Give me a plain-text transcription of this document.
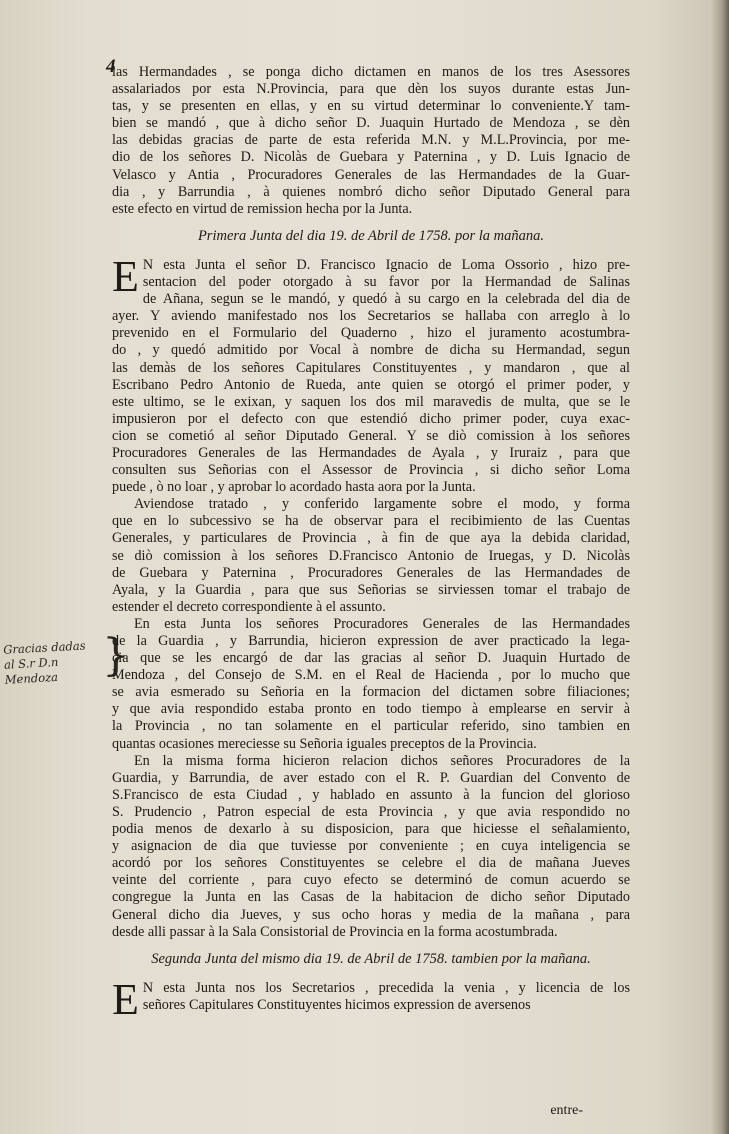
4
Gracias dadas
al S.r D.n Mendoza }
las Hermandades , se ponga dicho dictamen en manos de los tres Asessores
assalariados por esta N.Provincia, para que dèn los suyos durante estas Jun-
tas, y se presenten en ellas, y en su virtud determinar lo conveniente.Y tam-
bien se mandó , que à dicho señor D. Juaquin Hurtado de Mendoza , se dèn
las debidas gracias de parte de esta referida M.N. y M.L.Provincia, por me-
dio de los señores D. Nicolàs de Guebara y Paternina , y D. Luis Ignacio de
Velasco y Antia , Procuradores Generales de las Hermandades de la Guar-
dia , y Barrundia , à quienes nombró dicho señor Diputado General para
este efecto en virtud de remission hecha por la Junta.
Primera Junta del dia 19. de Abril de 1758. por la mañana.
E N esta Junta el señor D. Francisco Ignacio de Loma Ossorio , hizo pre-
sentacion del poder otorgado à su favor por la Hermandad de Salinas
de Añana, segun se le mandó, y quedó à su cargo en la celebrada del dia de
ayer. Y aviendo manifestado nos los Secretarios se hallaba con arreglo à lo
prevenido en el Formulario del Quaderno , hizo el juramento acostumbra-
do , y quedó admitido por Vocal à nombre de dicha su Hermandad, segun
las demàs de los señores Capitulares Constituyentes , y mandaron , que al
Escribano Pedro Antonio de Rueda, ante quien se otorgó el primer poder, y
este ultimo, se le exixan, y saquen los dos mil maravedis de multa, que se le
impusieron por el defecto con que estendió dicho primer poder, cuya exac-
cion se cometió al señor Diputado General. Y se diò comission à los señores
Procuradores Generales de las Hermandades de Ayala , y Iruraiz , para que
consulten sus Señorias con el Assessor de Provincia , si dicho señor Loma
puede , ò no loar , y aprobar lo acordado hasta aora por la Junta.
Aviendose tratado , y conferido largamente sobre el modo, y forma
que en lo subcessivo se ha de observar para el recibimiento de las Cuentas
Generales, y particulares de Provincia , à fin de que aya la debida claridad,
se diò comission à los señores D.Francisco Antonio de Iruegas, y D. Nicolàs
de Guebara y Paternina , Procuradores Generales de las Hermandades de
Ayala, y la Guardia , para que sus Señorias se sirviessen tomar el trabajo de
estender el decreto correspondiente à el assunto.
En esta Junta los señores Procuradores Generales de las Hermandades
de la Guardia , y Barrundia, hicieron expression de aver practicado la lega-
cia que se les encargó de dar las gracias al señor D. Juaquin Hurtado de
Mendoza , del Consejo de S.M. en el Real de Hacienda , por lo mucho que
se avia esmerado su Señoria en la formacion del dictamen sobre filiaciones;
y que avia respondido estaba pronto en todo tiempo à emplearse en servir à
la Provincia , no tan solamente en el particular referido, sino tambien en
quantas ocasiones mereciesse su Señoria iguales preceptos de la Provincia.
En la misma forma hicieron relacion dichos señores Procuradores de la
Guardia, y Barrundia, de aver estado con el R. P. Guardian del Convento de
S.Francisco de esta Ciudad , y hablado en assunto à la funcion del glorioso
S. Prudencio , Patron especial de esta Provincia , y que avia respondido no
podia menos de dexarlo à su disposicion, para que hiciesse el señalamiento,
y asignacion de dia que tuviesse por conveniente ; en cuya inteligencia se
acordó por los señores Constituyentes se celebre el dia de mañana Jueves
veinte del corriente , para cuyo efecto se determinó de comun acuerdo se
congregue la Junta en las Casas de la habitacion de dicho señor Diputado
General dicho dia Jueves, y sus ocho horas y media de la mañana , para
desde alli passar à la Sala Consistorial de Provincia en la forma acostumbrada.
Segunda Junta del mismo dia 19. de Abril de 1758. tambien por la mañana.
E N esta Junta nos los Secretarios , precedida la venia , y licencia de los
señores Capitulares Constituyentes hicimos expression de aversenos
entre-
